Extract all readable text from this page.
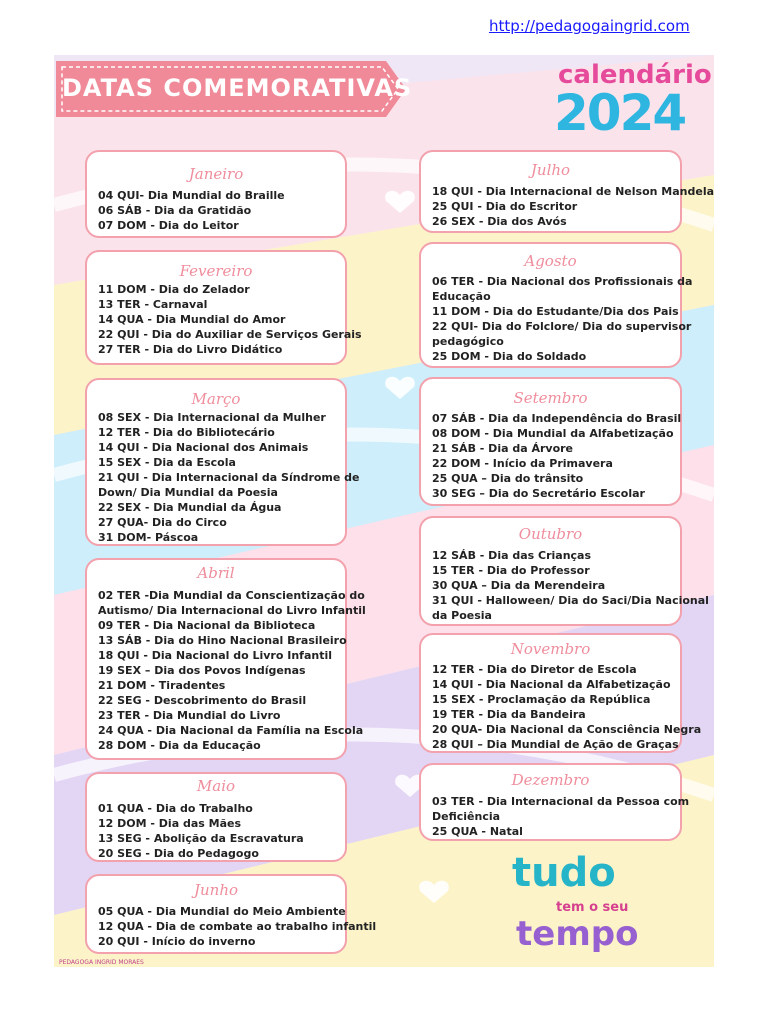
http://pedagogaingrid.com
DATAS COMEMORATIVAS	calendário
2024
Janeiro
04 QUI- Dia Mundial do Braille
06 SÁB - Dia da Gratidão
07 DOM - Dia do Leitor
Fevereiro
11 DOM - Dia do Zelador
13 TER - Carnaval
14 QUA - Dia Mundial do Amor
22 QUI - Dia do Auxiliar de Serviços Gerais
27 TER - Dia do Livro Didático
Março
08 SEX - Dia Internacional da Mulher
12 TER - Dia do Bibliotecário
14 QUI - Dia Nacional dos Animais
15 SEX - Dia da Escola
21 QUI - Dia Internacional da Síndrome de
Down/ Dia Mundial da Poesia
22 SEX - Dia Mundial da Água
27 QUA- Dia do Circo
31 DOM- Páscoa
Abril
02 TER -Dia Mundial da Conscientização do
Autismo/ Dia Internacional do Livro Infantil
09 TER - Dia Nacional da Biblioteca
13 SÁB - Dia do Hino Nacional Brasileiro
18 QUI - Dia Nacional do Livro Infantil
19 SEX – Dia dos Povos Indígenas
21 DOM - Tiradentes
22 SEG - Descobrimento do Brasil
23 TER - Dia Mundial do Livro
24 QUA - Dia Nacional da Família na Escola
28 DOM - Dia da Educação
Maio
01 QUA - Dia do Trabalho
12 DOM - Dia das Mães
13 SEG - Abolição da Escravatura
20 SEG - Dia do Pedagogo
Junho
05 QUA - Dia Mundial do Meio Ambiente
12 QUA - Dia de combate ao trabalho infantil
20 QUI - Início do inverno
Julho
18 QUI - Dia Internacional de Nelson Mandela
25 QUI - Dia do Escritor
26 SEX - Dia dos Avós
Agosto
06 TER - Dia Nacional dos Profissionais da
Educação
11 DOM - Dia do Estudante/Dia dos Pais
22 QUI- Dia do Folclore/ Dia do supervisor
pedagógico
25 DOM - Dia do Soldado
Setembro
07 SÁB - Dia da Independência do Brasil
08 DOM - Dia Mundial da Alfabetização
21 SÁB - Dia da Árvore
22 DOM - Início da Primavera
25 QUA – Dia do trânsito
30 SEG – Dia do Secretário Escolar
Outubro
12 SÁB - Dia das Crianças
15 TER - Dia do Professor
30 QUA – Dia da Merendeira
31 QUI - Halloween/ Dia do Saci/Dia Nacional
da Poesia
Novembro
12 TER - Dia do Diretor de Escola
14 QUI - Dia Nacional da Alfabetização
15 SEX - Proclamação da República
19 TER - Dia da Bandeira
20 QUA- Dia Nacional da Consciência Negra
28 QUI – Dia Mundial de Ação de Graças
Dezembro
03 TER - Dia Internacional da Pessoa com
Deficiência
25 QUA - Natal
tudo
tem o seu
tempo
PEDAGOGA INGRID MORAES
